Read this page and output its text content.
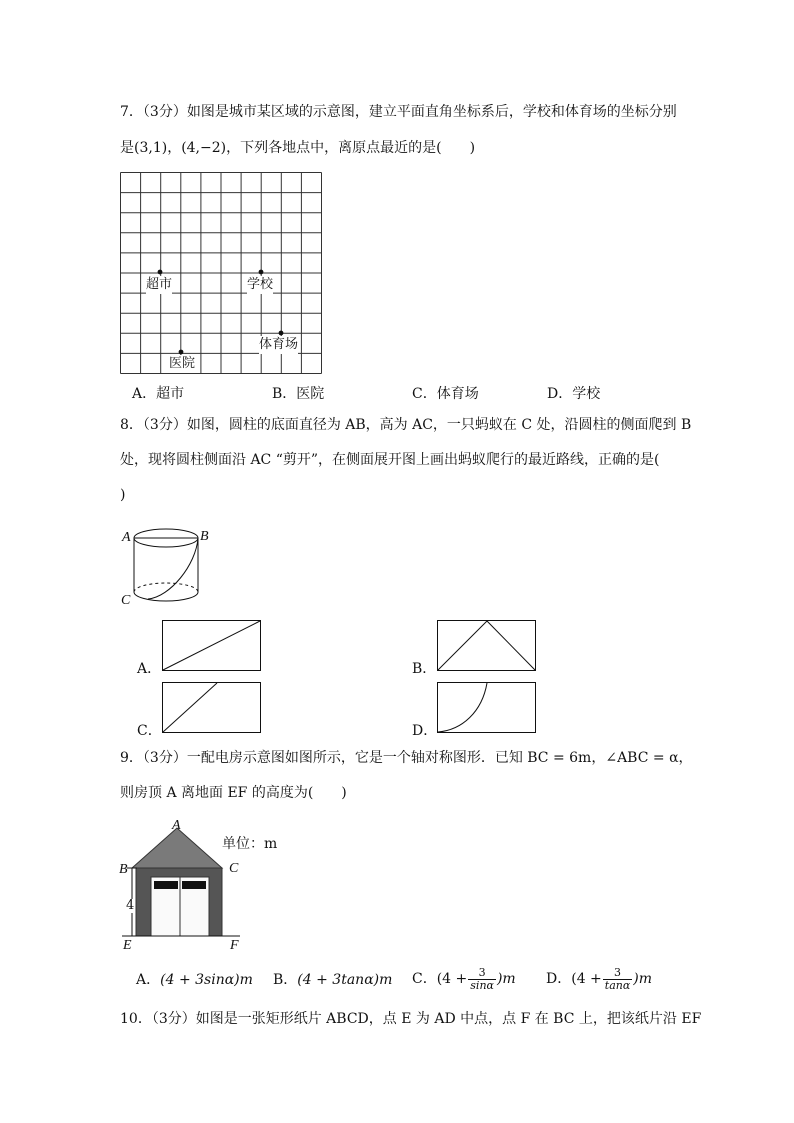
7．（3分）如图是城市某区域的示意图，建立平面直角坐标系后，学校和体育场的坐标分别
是(3,1)，(4,−2)，下列各地点中，离原点最近的是(　　)
超市	学校
体育场
医院
A．超市	B．医院	C．体育场	D．学校
8．（3分）如图，圆柱的底面直径为 AB，高为 AC，一只蚂蚁在 C 处，沿圆柱的侧面爬到 B
处，现将圆柱侧面沿 AC “剪开”，在侧面展开图上画出蚂蚁爬行的最近路线，正确的是(
)
A	B
C
A．	B．
C．	D．
9．（3分）一配电房示意图如图所示，它是一个轴对称图形．已知 BC = 6m，∠ABC = α，
则房顶 A 离地面 EF 的高度为(　　)
A
B	C
E	F
4
单位：m
A．(4 + 3sinα)m B．(4 + 3tanα)m C．$(4 + \frac{3}{\sin\alpha} )m$ D．$(4 + \frac{3}{\tan\alpha} )m$
10．（3分）如图是一张矩形纸片 ABCD，点 E 为 AD 中点，点 F 在 BC 上，把该纸片沿 EF
